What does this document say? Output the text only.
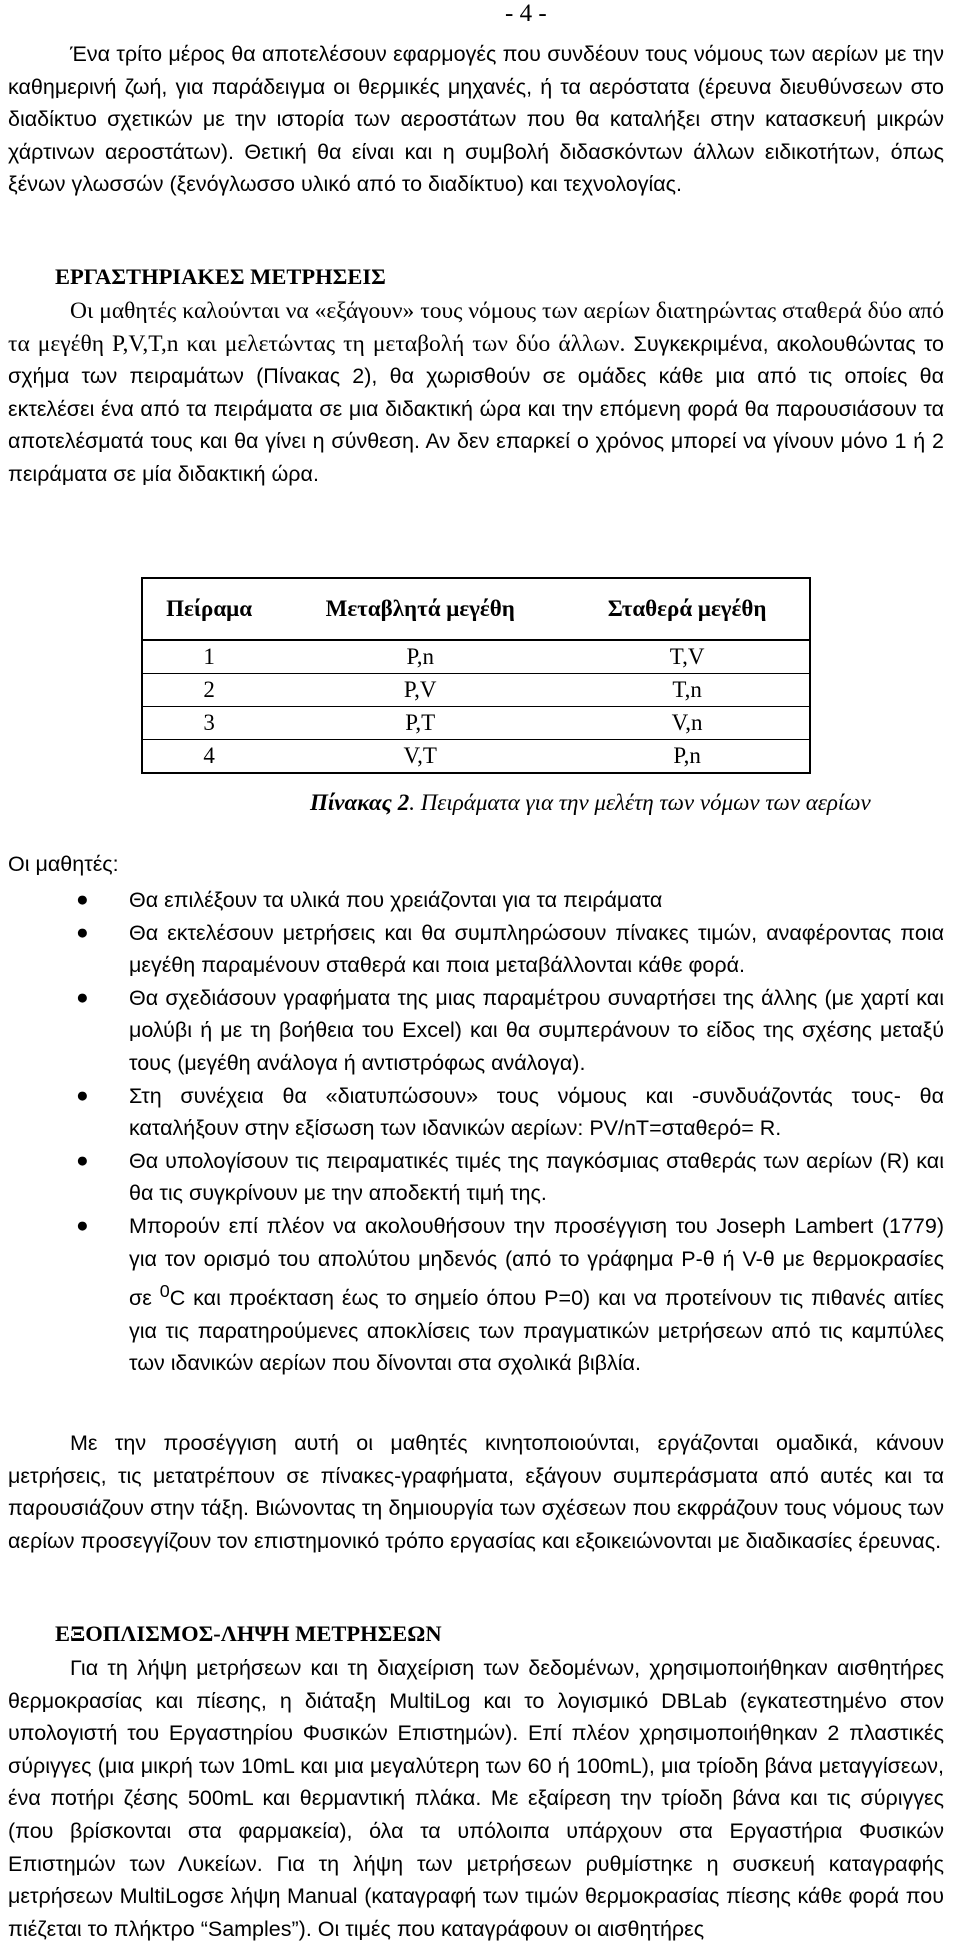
- 4 -

Ένα τρίτο μέρος θα αποτελέσουν εφαρμογές που συνδέουν τους νόμους των αερίων με την καθημερινή ζωή, για παράδειγμα οι θερμικές μηχανές, ή τα αερόστατα (έρευνα διευθύνσεων στο διαδίκτυο σχετικών με την ιστορία των αεροστάτων που θα καταλήξει στην κατασκευή μικρών χάρτινων αεροστάτων). Θετική θα είναι και η συμβολή διδασκόντων άλλων ειδικοτήτων, όπως ξένων γλωσσών (ξενόγλωσσο υλικό από το διαδίκτυο) και τεχνολογίας.

ΕΡΓΑΣΤΗΡΙΑΚΕΣ ΜΕΤΡΗΣΕΙΣ

Οι μαθητές καλούνται να «εξάγουν» τους νόμους των αερίων διατηρώντας σταθερά δύο από τα μεγέθη P,V,T,n και μελετώντας τη μεταβολή των δύο άλλων. Συγκεκριμένα, ακολουθώντας το σχήμα των πειραμάτων (Πίνακας 2), θα χωρισθούν σε ομάδες κάθε μια από τις οποίες θα εκτελέσει ένα από τα πειράματα σε μια διδακτική ώρα και την επόμενη φορά θα παρουσιάσουν τα αποτελέσματά τους και θα γίνει η σύνθεση. Αν δεν επαρκεί ο χρόνος μπορεί να γίνουν μόνο 1 ή 2 πειράματα σε μία διδακτική ώρα.

Πείραμα	Μεταβλητά μεγέθη	Σταθερά μεγέθη
1	P,n	T,V
2	P,V	T,n
3	P,T	V,n
4	V,T	P,n
Πίνακας 2. Πειράματα για την μελέτη των νόμων των αερίων
Οι μαθητές:
● Θα επιλέξουν τα υλικά που χρειάζονται για τα πειράματα
● Θα εκτελέσουν μετρήσεις και θα συμπληρώσουν πίνακες τιμών, αναφέροντας ποια μεγέθη παραμένουν σταθερά και ποια μεταβάλλονται κάθε φορά.
● Θα σχεδιάσουν γραφήματα της μιας παραμέτρου συναρτήσει της άλλης (με χαρτί και μολύβι ή με τη βοήθεια του Excel) και θα συμπεράνουν το είδος της σχέσης μεταξύ τους (μεγέθη ανάλογα ή αντιστρόφως ανάλογα).
● Στη συνέχεια θα «διατυπώσουν» τους νόμους και -συνδυάζοντάς τους- θα καταλήξουν στην εξίσωση των ιδανικών αερίων: PV/nT=σταθερό= R.
● Θα υπολογίσουν τις πειραματικές τιμές της παγκόσμιας σταθεράς των αερίων (R) και θα τις συγκρίνουν με την αποδεκτή τιμή της.
● Μπορούν επί πλέον να ακολουθήσουν την προσέγγιση του Joseph Lambert (1779) για τον ορισμό του απολύτου μηδενός (από το γράφημα P-θ ή V-θ με θερμοκρασίες σε $^0$C και προέκταση έως το σημείο όπου P=0) και να προτείνουν τις πιθανές αιτίες για τις παρατηρούμενες αποκλίσεις των πραγματικών μετρήσεων από τις καμπύλες των ιδανικών αερίων που δίνονται στα σχολικά βιβλία.

Με την προσέγγιση αυτή οι μαθητές κινητοποιούνται, εργάζονται ομαδικά, κάνουν μετρήσεις, τις μετατρέπουν σε πίνακες-γραφήματα, εξάγουν συμπεράσματα από αυτές και τα παρουσιάζουν στην τάξη. Βιώνοντας τη δημιουργία των σχέσεων που εκφράζουν τους νόμους των αερίων προσεγγίζουν τον επιστημονικό τρόπο εργασίας και εξοικειώνονται με διαδικασίες έρευνας.

ΕΞΟΠΛΙΣΜΟΣ-ΛΗΨΗ ΜΕΤΡΗΣΕΩΝ

Για τη λήψη μετρήσεων και τη διαχείριση των δεδομένων, χρησιμοποιήθηκαν αισθητήρες θερμοκρασίας και πίεσης, η διάταξη MultiLog και το λογισμικό DBLab (εγκατεστημένο στον υπολογιστή του Εργαστηρίου Φυσικών Επιστημών). Επί πλέον χρησιμοποιήθηκαν 2 πλαστικές σύριγγες (μια μικρή των 10mL και μια μεγαλύτερη των 60 ή 100mL), μια τρίοδη βάνα μεταγγίσεων, ένα ποτήρι ζέσης 500mL και θερμαντική πλάκα. Με εξαίρεση την τρίοδη βάνα και τις σύριγγες (που βρίσκονται στα φαρμακεία), όλα τα υπόλοιπα υπάρχουν στα Εργαστήρια Φυσικών Επιστημών των Λυκείων. Για τη λήψη των μετρήσεων ρυθμίστηκε η συσκευή καταγραφής μετρήσεων MultiLogσε λήψη Manual (καταγραφή των τιμών θερμοκρασίας πίεσης κάθε φορά που πιέζεται το πλήκτρο “Samples”). Οι τιμές που καταγράφουν οι αισθητήρες
